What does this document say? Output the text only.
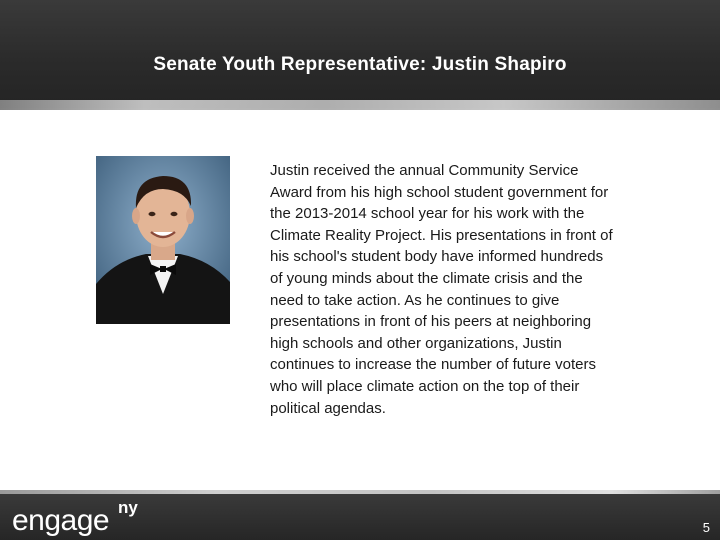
Senate Youth Representative: Justin Shapiro
Justin received the annual Community Service
Award from his high school student government for
the 2013-2014 school year for his work with the
Climate Reality Project. His presentations in front of
his school's student body have informed hundreds
of young minds about the climate crisis and the
need to take action. As he continues to give
presentations in front of his peers at neighboring
high schools and other organizations, Justin
continues to increase the number of future voters
who will place climate action on the top of their
political agendas.
engage ny
5
